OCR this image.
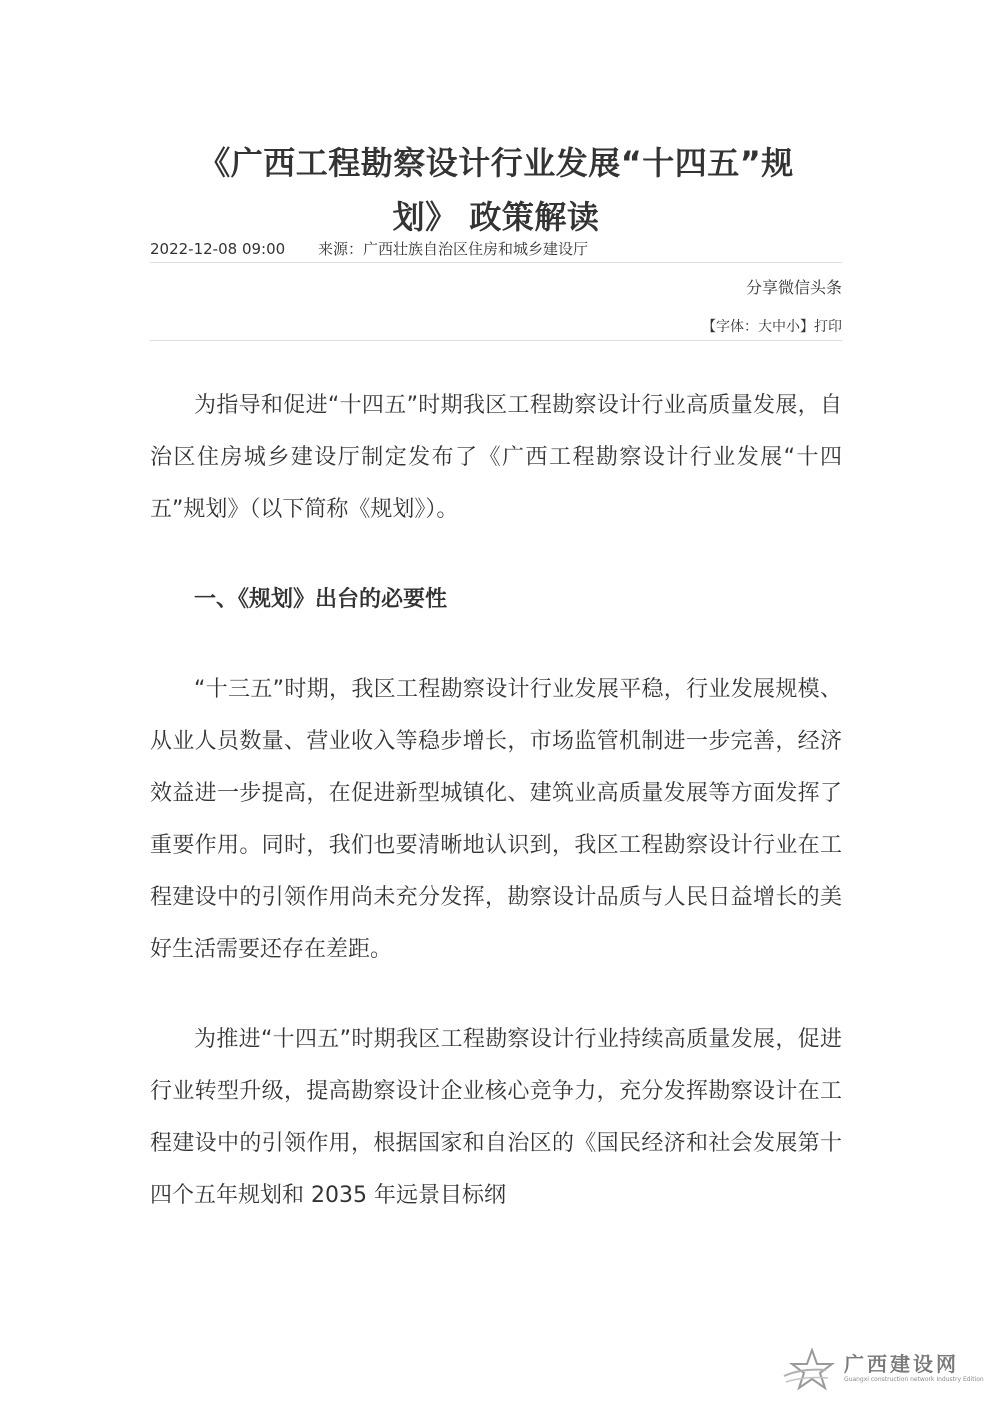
《广西工程勘察设计行业发展“十四五”规
划》 政策解读
2022-12-08 09:00 来源：广西壮族自治区住房和城乡建设厅
分享微信头条
【字体：大中小】打印

为指导和促进“十四五”时期我区工程勘察设计行业高质量发展，自治区住房城乡建设厅制定发布了《广西工程勘察设计行业发展“十四五”规划》（以下简称《规划》）。

一、《规划》出台的必要性

“十三五”时期，我区工程勘察设计行业发展平稳，行业发展规模、从业人员数量、营业收入等稳步增长，市场监管机制进一步完善，经济效益进一步提高，在促进新型城镇化、建筑业高质量发展等方面发挥了重要作用。同时，我们也要清晰地认识到，我区工程勘察设计行业在工程建设中的引领作用尚未充分发挥，勘察设计品质与人民日益增长的美好生活需要还存在差距。

为推进“十四五”时期我区工程勘察设计行业持续高质量发展，促进行业转型升级，提高勘察设计企业核心竞争力，充分发挥勘察设计在工程建设中的引领作用，根据国家和自治区的《国民经济和社会发展第十四个五年规划和 2035 年远景目标纲

广西建设网
Guangxi construction network Industry Edition
